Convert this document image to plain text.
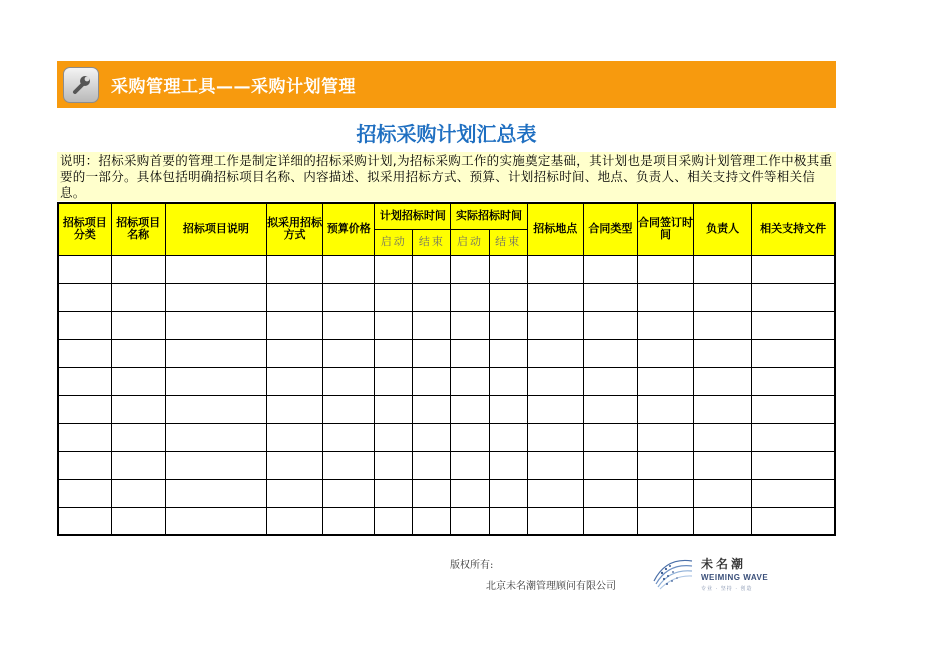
采购管理工具——采购计划管理
招标采购计划汇总表
说明：招标采购首要的管理工作是制定详细的招标采购计划,为招标采购工作的实施奠定基础，其计划也是项目采购计划管理工作中极其重要的一部分。具体包括明确招标项目名称、内容描述、拟采用招标方式、预算、计划招标时间、地点、负责人、相关支持文件等相关信息。
招标项目分类	招标项目名称	招标项目说明	拟采用招标方式	预算价格	计划招标时间		实际招标时间		招标地点	合同类型	合同签订时间	负责人	相关支持文件
					启动	结束	启动	结束					

版权所有:
北京未名潮管理顾问有限公司
未名潮
WEIMING WAVE
专业 · 坚持 · 创造
